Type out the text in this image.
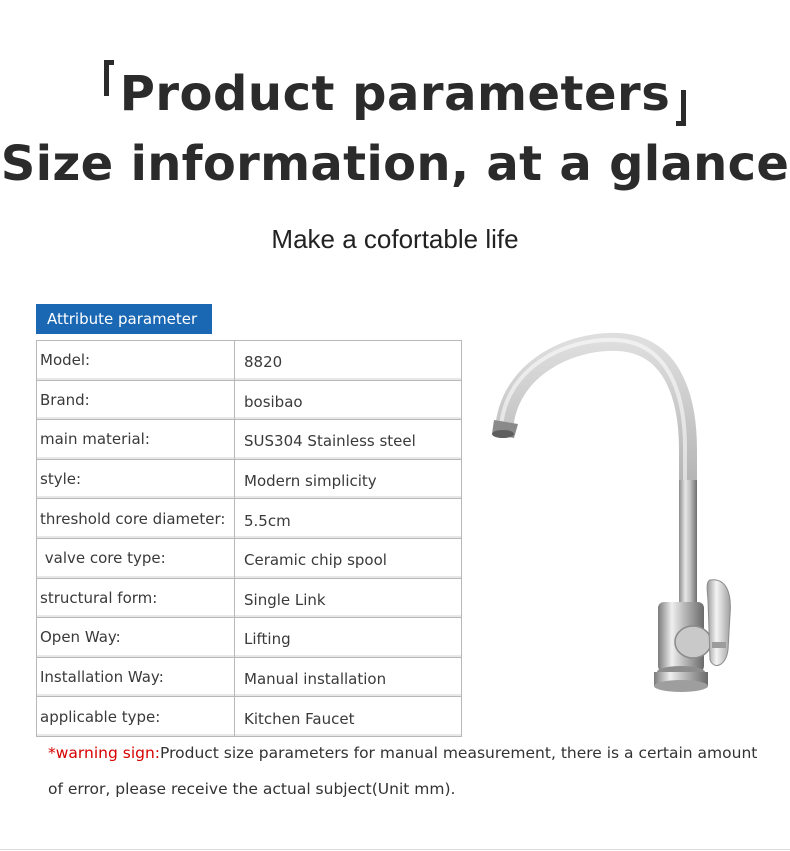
Product parameters
Size information, at a glance
Make a cofortable life
Attribute parameter
Model:	8820
Brand:	bosibao
main material:	SUS304 Stainless steel
style:	Modern simplicity
threshold core diameter:	5.5cm
valve core type:	Ceramic chip spool
structural form:	Single Link
Open Way:	Lifting
Installation Way:	Manual installation
applicable type:	Kitchen Faucet
*warning sign:Product size parameters for manual measurement, there is a certain amount of error, please receive the actual subject(Unit mm).
